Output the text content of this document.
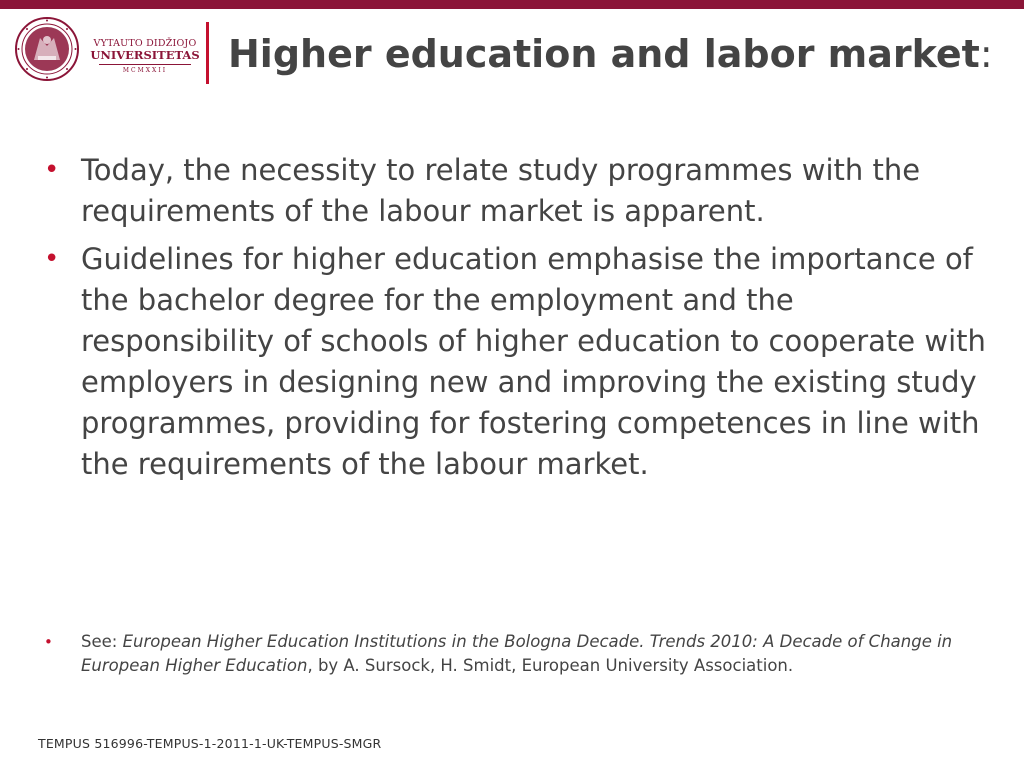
VYTAUTO DIDŽIOJO
UNIVERSITETAS
MCMXXII	Higher education and labor market:
• Today, the necessity to relate study programmes with the requirements of the labour market is apparent.
• Guidelines for higher education emphasise the importance of the bachelor degree for the employment and the responsibility of schools of higher education to cooperate with employers in designing new and improving the existing study programmes, providing for fostering competences in line with the requirements of the labour market.
• See: European Higher Education Institutions in the Bologna Decade. Trends 2010: A Decade of Change in European Higher Education, by A. Sursock, H. Smidt, European University Association.
TEMPUS 516996-TEMPUS-1-2011-1-UK-TEMPUS-SMGR
